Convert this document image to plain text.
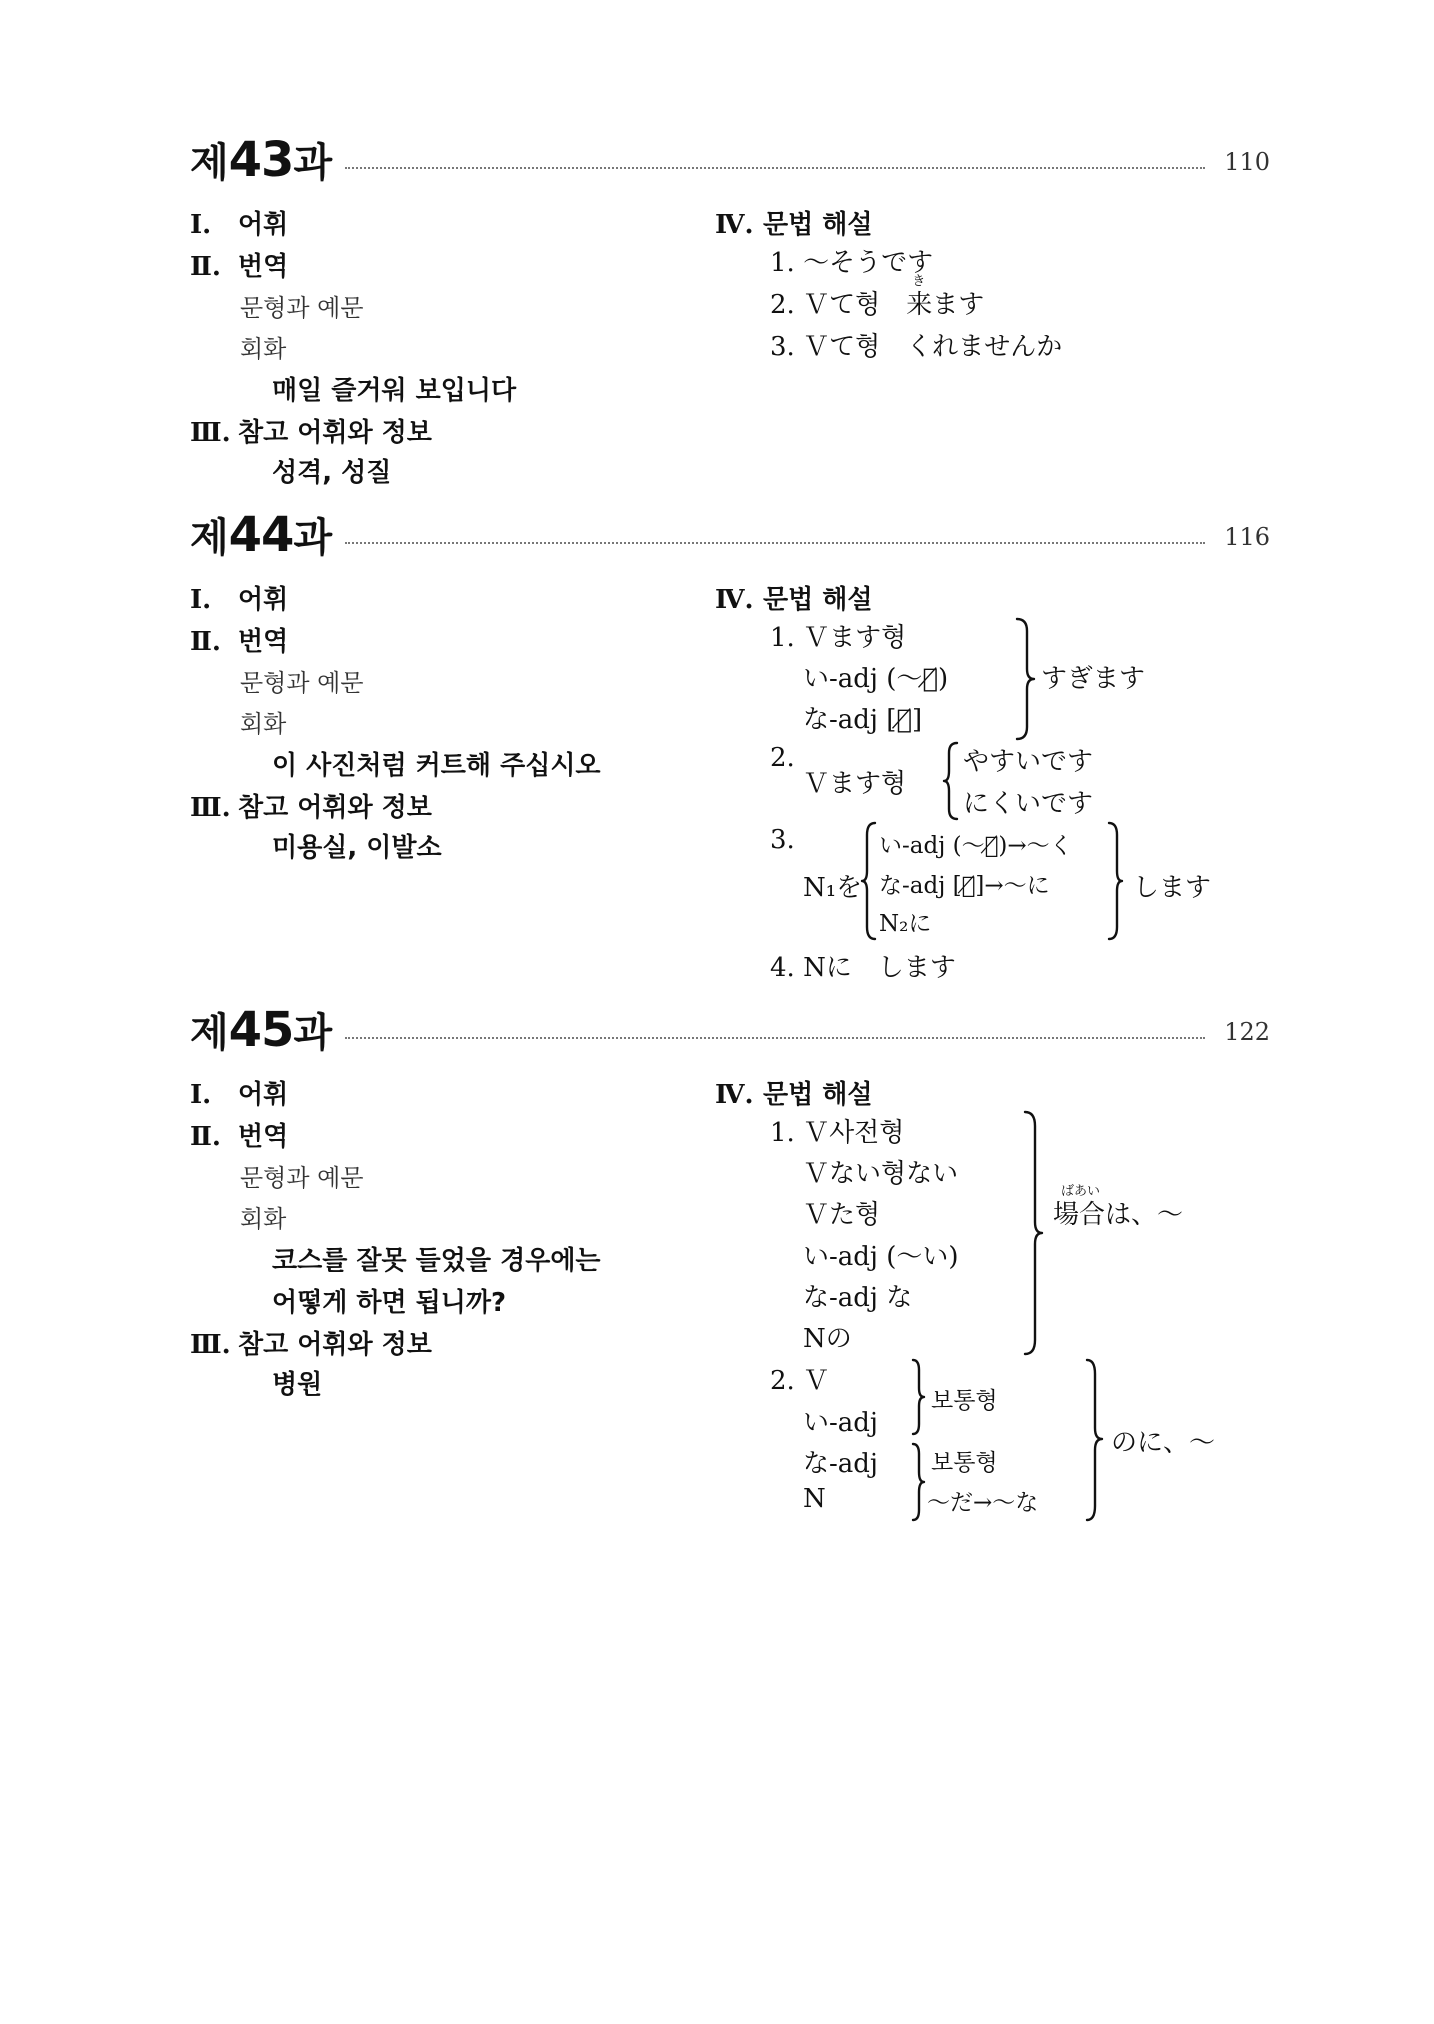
제43과	110
Ⅰ. 어휘
Ⅱ. 번역
문형과 예문
회화
매일 즐거워 보입니다
Ⅲ. 참고 어휘와 정보
성격, 성질
Ⅳ. 문법 해설
1. ～そうです
2. Ｖて형　
き
来ます
3. Ｖて형　くれませんか
제44과	116
Ⅰ. 어휘
Ⅱ. 번역
문형과 예문
회화
이 사진처럼 커트해 주십시오
Ⅲ. 참고 어휘와 정보
미용실, 이발소
Ⅳ. 문법 해설
1. Ｖます형
い-adj (～い̸)
な-adj [な̸]
すぎます
2.
Ｖます형
やすいです
にくいです
3.
N₁を
い-adj (～い̸)→～く
な-adj [な̸]→～に
N₂に
します
4. Nに　します
제45과	122
Ⅰ. 어휘
Ⅱ. 번역
문형과 예문
회화
코스를 잘못 들었을 경우에는
어떻게 하면 됩니까?
Ⅲ. 참고 어휘와 정보
병원
Ⅳ. 문법 해설
1. Ｖ사전형
Ｖない형ない
Ｖた형
い-adj (～い)
な-adj な
Nの
ばあい
場合は、～
2. Ｖ
い-adj
な-adj
N
보통형
보통형
～だ→～な
のに、～
